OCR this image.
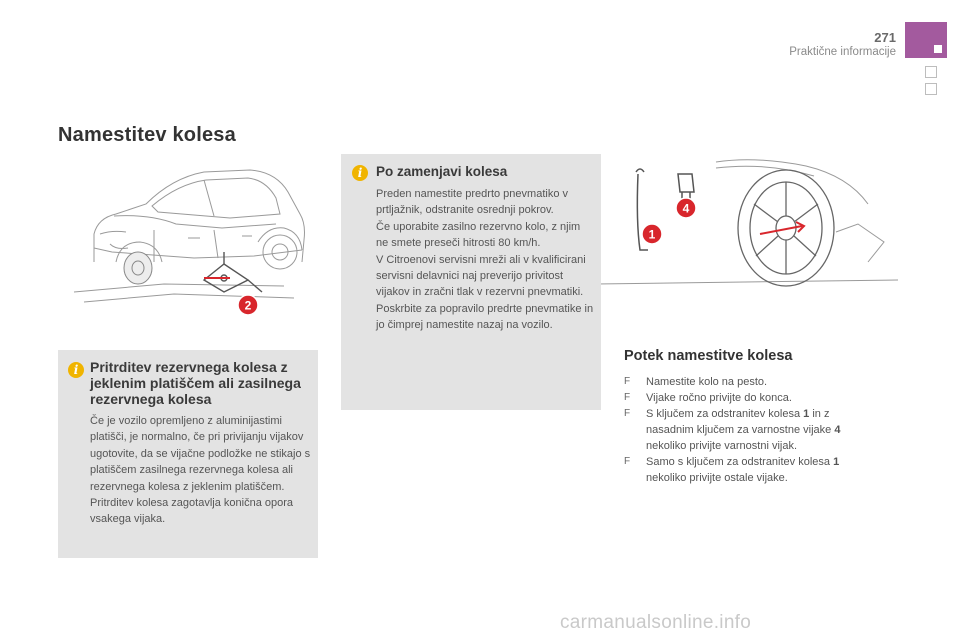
271
Praktične informacije
Namestitev kolesa
2
1
4
i	Po zamenjavi kolesa

Preden namestite predrto pnevmatiko v prtljažnik, odstranite osrednji pokrov.

Če uporabite zasilno rezervno kolo, z njim ne smete preseči hitrosti 80 km/h.

V Citroenovi servisni mreži ali v kvalificirani servisni delavnici naj preverijo privitost vijakov in zračni tlak v rezervni pnevmatiki.

Poskrbite za popravilo predrte pnevmatike in jo čimprej namestite nazaj na vozilo.

i Pritrditev rezervnega kolesa z jeklenim platiščem ali zasilnega rezervnega kolesa

Če je vozilo opremljeno z aluminijastimi platišči, je normalno, če pri privijanju vijakov ugotovite, da se vijačne podložke ne stikajo s platiščem zasilnega rezervnega kolesa ali rezervnega kolesa z jeklenim platiščem. Pritrditev kolesa zagotavlja konična opora vsakega vijaka.

Potek namestitve kolesa
F Namestite kolo na pesto.
F Vijake ročno privijte do konca.
F S ključem za odstranitev kolesa 1 in z nasadnim ključem za varnostne vijake 4 nekoliko privijte varnostni vijak.
F Samo s ključem za odstranitev kolesa 1 nekoliko privijte ostale vijake.
carmanualsonline.info
